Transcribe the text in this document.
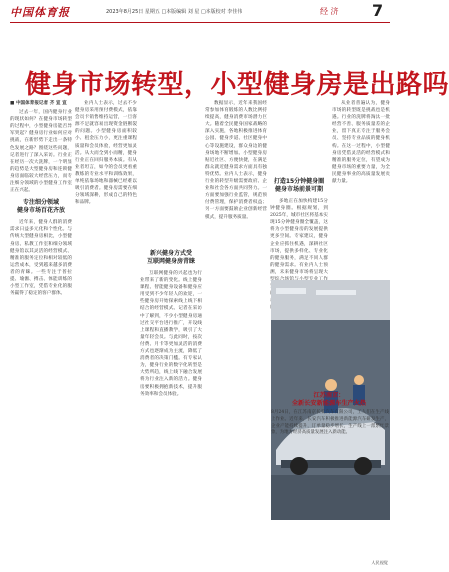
中国体育报	2023年8月25日 星期五 □本版编辑 刘 星 □本版校对 李佳伟	经 济 7
健身市场转型，小型健身房是出路吗
■ 中国体育报记者 齐 宣 宣

过去一年，国内健身行业的现状如何？在健身市场转型的过程中，小型健身房能否异军突起？健身房行业如何应对挑战，在新形势下走出一条特色发展之路？围绕这些问题，记者进行了深入采访。行业正在经历一次大洗牌，一个明显的趋势是大型健身房和连锁健身房面临较大经营压力，而专注细分领域的小型健身工作室正在兴起。

专注细分领域
健身市场百花齐放

近年来，健身人群的消费需求日益多元化和个性化。与传统大型健身房相比，小型健身房、私教工作室和细分领域健身馆以其灵活的经营模式、精准的服务定位和相对较低的运营成本，受到越来越多消费者的青睐。一些专注于普拉提、瑜伽、搏击、体能训练的小型工作室，凭借专业化的服务赢得了稳定的客户群体。

业内人士表示，过去不少健身房采用预付费模式，依靠会员卡销售维持运营，一旦客源不足就容易出现资金链断裂的问题。小型健身房面积较小、租金压力小，更注重课程质量和会员体验，经营更加灵活。从大而全到小而精，健身行业正在回归服务本质。有从业者坦言，如今的会员更看重教练的专业水平和训练效果，单纯依靠场地和器械已经难以吸引消费者。健身房需要在细分领域深耕，形成自己的特色和品牌。

新兴健身方式受
互联网健身房青睐

互联网健身的兴起也为行业带来了新的变化。线上健身课程、智能健身设备和健身应用受到不少年轻人的欢迎，一些健身房开始探索线上线下相结合的经营模式。记者在采访中了解到，不少小型健身房通过社交平台进行推广，开设线上课程和直播教学，吸引了大量年轻会员。与此同时，按次付费、月卡等更加灵活的消费方式也逐渐成为主流，降低了消费者的决策门槛。有专家认为，健身行业的数字化转型是大势所趋，线上线下融合发展将为行业注入新的活力。健身房要积极拥抱新技术，提升服务效率和会员体验。

数据显示，近年来我国经常参加体育锻炼的人数比例持续提高，健身消费市场潜力巨大。随着全民健身国家战略的深入实施，各地积极推进体育公园、健身步道、社区健身中心等设施建设，群众身边的健身场地不断增加。小型健身房贴近社区、方便快捷，在满足群众就近健身需求方面具有独特优势。业内人士表示，健身行业的转型升级需要政府、企业和社会各方面共同努力。一方面要加强行业监管，规范预付费管理，保护消费者权益；另一方面要鼓励企业创新经营模式，提升服务质量。

打造15分钟健身圈
健身市场前景可期

多地正在加快构建15分钟健身圈。根据规划，到2025年，城市社区将基本实现15分钟健身圈全覆盖，这将为小型健身房的发展提供更多空间。专家建议，健身企业应抓住机遇，深耕社区市场，提供多样化、专业化的健身服务，满足不同人群的健身需求。有业内人士预测，未来健身市场将呈现大

从业者普遍认为，健身市场的转型既是挑战也是机遇。行业的洗牌将淘汰一批经营不善、服务质量差的企业，留下真正专注于服务会员、坚持专业品质的健身机构。在这一过程中，小型健身房凭借灵活的经营模式和精准的服务定位，有望成为健身市场的重要力量，为全民健身事业的高质量发展贡献力量。

江苏南京：
全新长安新能源车生产火热
8月24日，在江苏南京长安汽车有限公司，工人们在生产线上作业。近年来，长安汽车积极推进新能源汽车研发生产，企业产能持续提升，订单量稳步增长，生产线上一派繁忙景象，为地方经济高质量发展注入新动能。
人民视觉
